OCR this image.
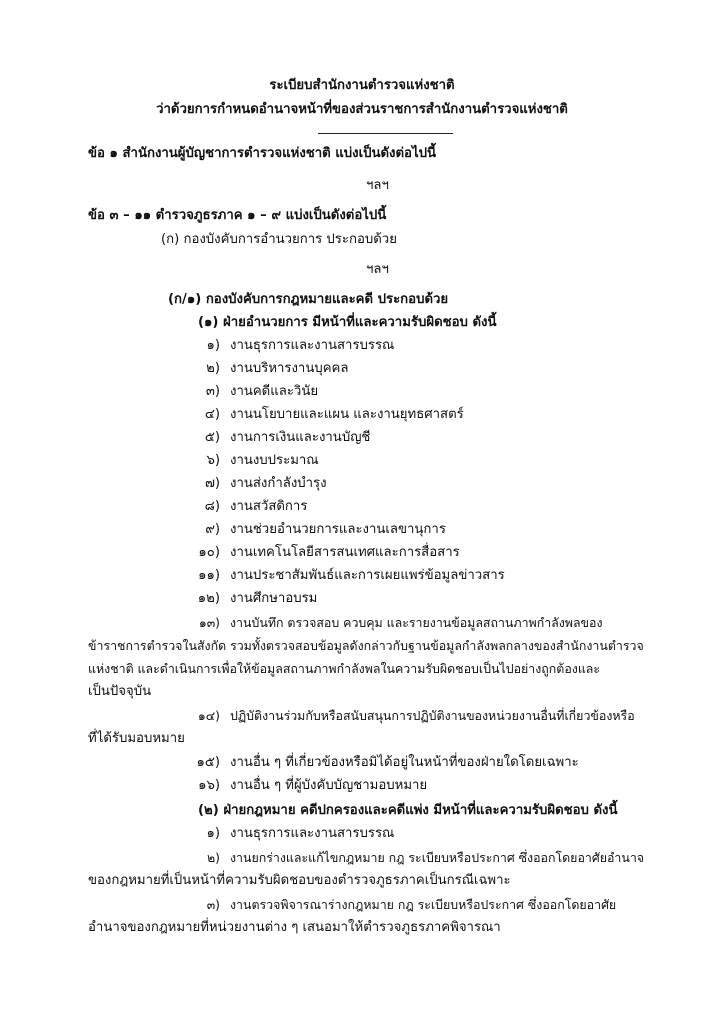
ระเบียบสำนักงานตำรวจแห่งชาติ
ว่าด้วยการกำหนดอำนาจหน้าที่ของส่วนราชการสำนักงานตำรวจแห่งชาติ
ข้อ ๑ สำนักงานผู้บัญชาการตำรวจแห่งชาติ แบ่งเป็นดังต่อไปนี้
ฯลฯ
ข้อ ๓ – ๑๑ ตำรวจภูธรภาค ๑ – ๙ แบ่งเป็นดังต่อไปนี้
(ก) กองบังคับการอำนวยการ ประกอบด้วย
ฯลฯ
(ก/๑) กองบังคับการกฎหมายและคดี ประกอบด้วย
(๑) ฝ่ายอำนวยการ มีหน้าที่และความรับผิดชอบ ดังนี้
๑) งานธุรการและงานสารบรรณ
๒) งานบริหารงานบุคคล
๓) งานคดีและวินัย
๔) งานนโยบายและแผน และงานยุทธศาสตร์
๕) งานการเงินและงานบัญชี
๖) งานงบประมาณ
๗) งานส่งกำลังบำรุง
๘) งานสวัสดิการ
๙) งานช่วยอำนวยการและงานเลขานุการ
๑๐) งานเทคโนโลยีสารสนเทศและการสื่อสาร
๑๑) งานประชาสัมพันธ์และการเผยแพร่ข้อมูลข่าวสาร
๑๒) งานศึกษาอบรม
๑๓) งานบันทึก ตรวจสอบ ควบคุม และรายงานข้อมูลสถานภาพกำลังพลของ
ข้าราชการตำรวจในสังกัด รวมทั้งตรวจสอบข้อมูลดังกล่าวกับฐานข้อมูลกำลังพลกลางของสำนักงานตำรวจ
แห่งชาติ และดำเนินการเพื่อให้ข้อมูลสถานภาพกำลังพลในความรับผิดชอบเป็นไปอย่างถูกต้องและ
เป็นปัจจุบัน
๑๔) ปฏิบัติงานร่วมกับหรือสนับสนุนการปฏิบัติงานของหน่วยงานอื่นที่เกี่ยวข้องหรือ
ที่ได้รับมอบหมาย
๑๕) งานอื่น ๆ ที่เกี่ยวข้องหรือมิได้อยู่ในหน้าที่ของฝ่ายใดโดยเฉพาะ
๑๖) งานอื่น ๆ ที่ผู้บังคับบัญชามอบหมาย
(๒) ฝ่ายกฎหมาย คดีปกครองและคดีแพ่ง มีหน้าที่และความรับผิดชอบ ดังนี้
๑) งานธุรการและงานสารบรรณ
๒) งานยกร่างและแก้ไขกฎหมาย กฎ ระเบียบหรือประกาศ ซึ่งออกโดยอาศัยอำนาจ
ของกฎหมายที่เป็นหน้าที่ความรับผิดชอบของตำรวจภูธรภาคเป็นกรณีเฉพาะ
๓) งานตรวจพิจารณาร่างกฎหมาย กฎ ระเบียบหรือประกาศ ซึ่งออกโดยอาศัย
อำนาจของกฎหมายที่หน่วยงานต่าง ๆ เสนอมาให้ตำรวจภูธรภาคพิจารณา
